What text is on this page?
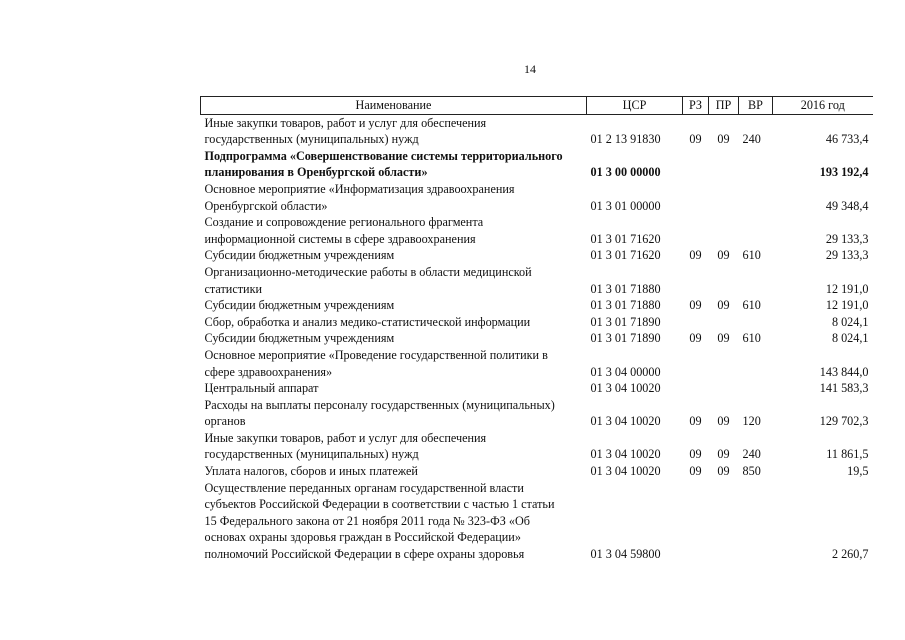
14
Наименование	ЦСР	РЗ	ПР	ВР	2016 год
Иные закупки товаров, работ и услуг для обеспечения
государственных (муниципальных) нужд	01 2 13 91830	09	09	240	46 733,4
Подпрограмма «Совершенствование системы территориального
планирования в Оренбургской области»	01 3 00 00000				193 192,4
Основное мероприятие «Информатизация здравоохранения
Оренбургской области»	01 3 01 00000				49 348,4
Создание и сопровождение регионального фрагмента
информационной системы в сфере здравоохранения	01 3 01 71620				29 133,3
Субсидии бюджетным учреждениям	01 3 01 71620	09	09	610	29 133,3
Организационно-методические работы в области медицинской
статистики	01 3 01 71880				12 191,0
Субсидии бюджетным учреждениям	01 3 01 71880	09	09	610	12 191,0
Сбор, обработка и анализ медико-статистической информации	01 3 01 71890				8 024,1
Субсидии бюджетным учреждениям	01 3 01 71890	09	09	610	8 024,1
Основное мероприятие «Проведение государственной политики в
сфере здравоохранения»	01 3 04 00000				143 844,0
Центральный аппарат	01 3 04 10020				141 583,3
Расходы на выплаты персоналу государственных (муниципальных)
органов	01 3 04 10020	09	09	120	129 702,3
Иные закупки товаров, работ и услуг для обеспечения
государственных (муниципальных) нужд	01 3 04 10020	09	09	240	11 861,5
Уплата налогов, сборов и иных платежей	01 3 04 10020	09	09	850	19,5
Осуществление переданных органам государственной власти
субъектов Российской Федерации в соответствии с частью 1 статьи
15 Федерального закона от 21 ноября 2011 года № 323-ФЗ «Об
основах охраны здоровья граждан в Российской Федерации»
полномочий Российской Федерации в сфере охраны здоровья	01 3 04 59800				2 260,7
